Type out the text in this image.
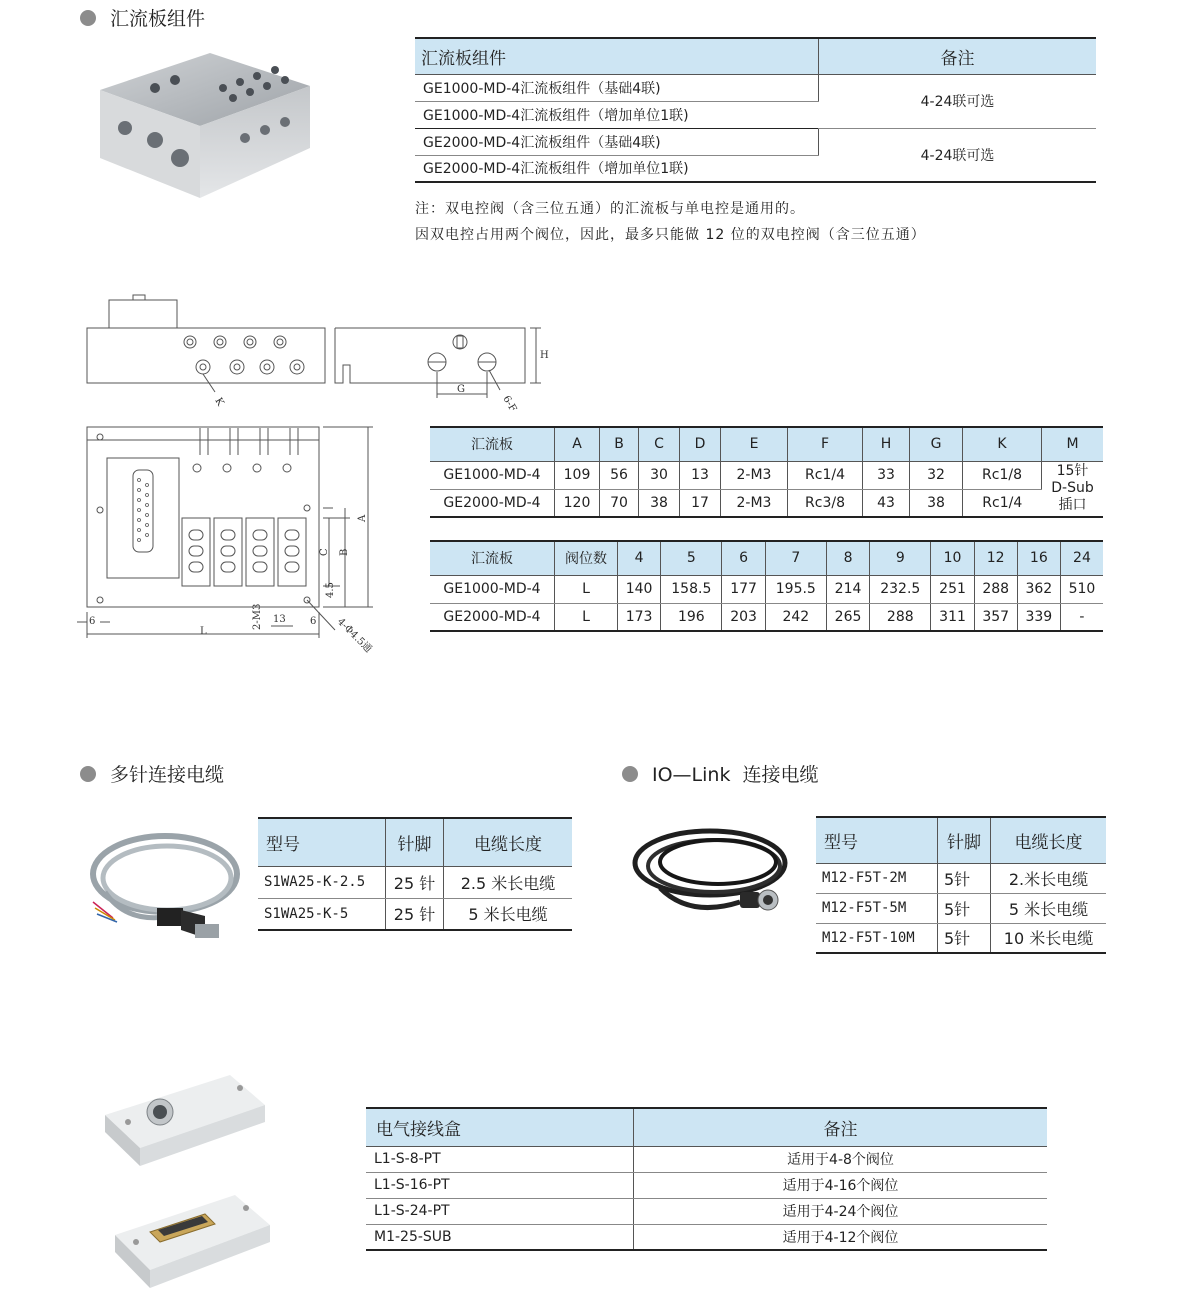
汇流板组件
汇流板组件	备注
GE1000-MD-4汇流板组件（基础4联)	4-24联可选
GE1000-MD-4汇流板组件（增加单位1联)	
GE2000-MD-4汇流板组件（基础4联)	4-24联可选
GE2000-MD-4汇流板组件（增加单位1联)	
注：双电控阀（含三位五通）的汇流板与单电控是通用的。
因双电控占用两个阀位，因此，最多只能做 12 位的双电控阀（含三位五通）
H
G
6-F
K
A
B
C
4.5
2-M3 13
6	6
L	4-Φ4.5通
汇流板	A	B	C	D	E	F	H	G	K	M
GE1000-MD-4	109	56	30	13	2-M3	Rc1/4	33	32	Rc1/8	15针 D-Sub插口
GE2000-MD-4	120	70	38	17	2-M3	Rc3/8	43	38	Rc1/4	
汇流板	阀位数	4	5	6	7	8	9	10	12	16	24
GE1000-MD-4	L	140	158.5	177	195.5	214	232.5	251	288	362	510
GE2000-MD-4	L	173	196	203	242	265	288	311	357	339	-
多针连接电缆
型号	针脚	电缆长度
S1WA25-K-2.5	25 针	2.5 米长电缆
S1WA25-K-5	25 针	5 米长电缆
IO—Link  连接电缆
型号	针脚	电缆长度
M12-F5T-2M	5针	2.米长电缆
M12-F5T-5M	5针	5 米长电缆
M12-F5T-10M	5针	10 米长电缆
电气接线盒	备注
L1-S-8-PT	适用于4-8个阀位
L1-S-16-PT	适用于4-16个阀位
L1-S-24-PT	适用于4-24个阀位
M1-25-SUB	适用于4-12个阀位
